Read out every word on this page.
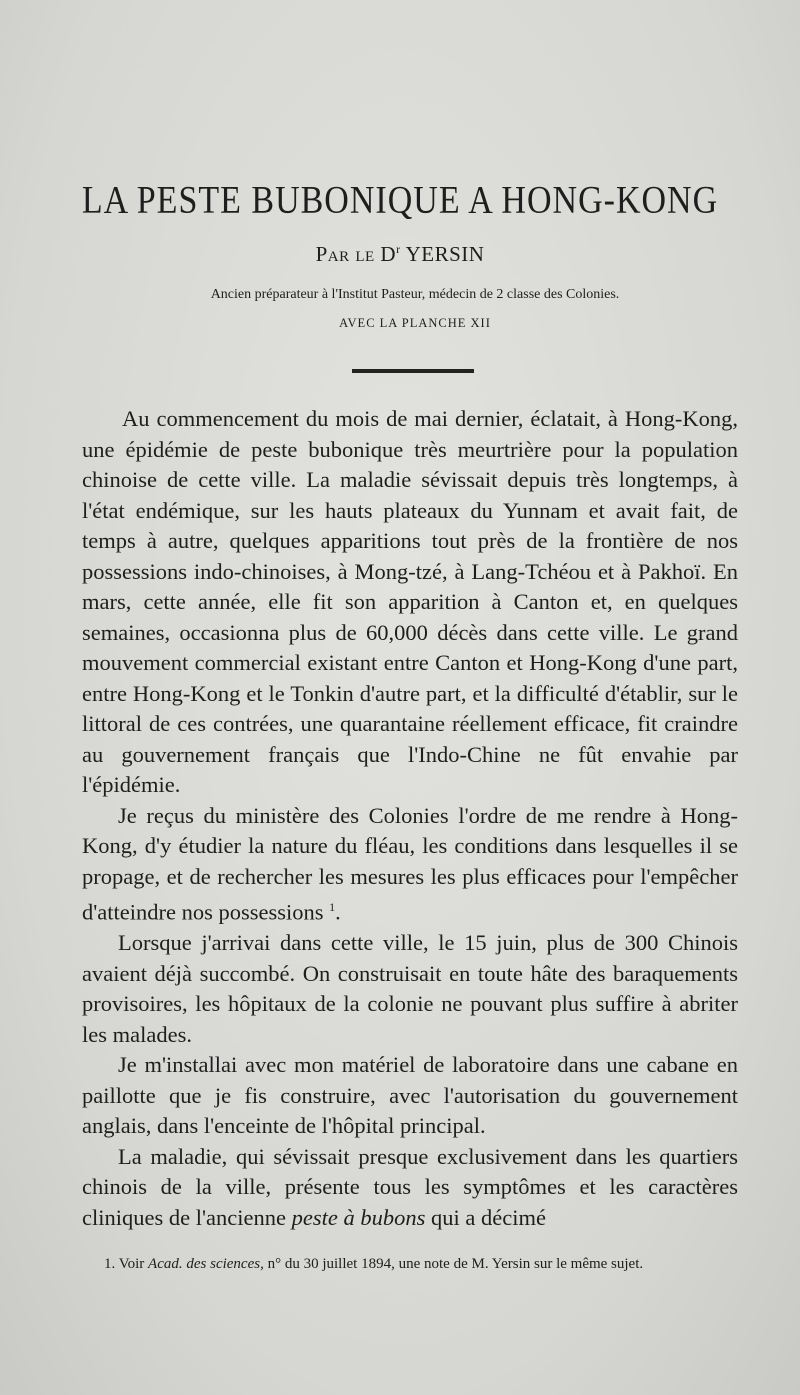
LA PESTE BUBONIQUE A HONG-KONG
Par le $D^r$ YERSIN
Ancien préparateur à l'Institut Pasteur, médecin de 2 classe des Colonies.
AVEC LA PLANCHE XII

Au commencement du mois de mai dernier, éclatait, à Hong-Kong, une épidémie de peste bubonique très meurtrière pour la population chinoise de cette ville. La maladie sévissait depuis très longtemps, à l'état endémique, sur les hauts plateaux du Yunnam et avait fait, de temps à autre, quelques apparitions tout près de la frontière de nos possessions indo-chinoises, à Mong-tzé, à Lang-Tchéou et à Pakhoï. En mars, cette année, elle fit son apparition à Canton et, en quelques semaines, occasionna plus de 60,000 décès dans cette ville. Le grand mouvement commercial existant entre Canton et Hong-Kong d'une part, entre Hong-Kong et le Tonkin d'autre part, et la difficulté d'établir, sur le littoral de ces contrées, une quarantaine réellement efficace, fit craindre au gouvernement français que l'Indo-Chine ne fût envahie par l'épidémie.

Je reçus du ministère des Colonies l'ordre de me rendre à Hong-Kong, d'y étudier la nature du fléau, les conditions dans lesquelles il se propage, et de rechercher les mesures les plus efficaces pour l'empêcher d'atteindre nos possessions $^1$.

Lorsque j'arrivai dans cette ville, le 15 juin, plus de 300 Chinois avaient déjà succombé. On construisait en toute hâte des baraquements provisoires, les hôpitaux de la colonie ne pouvant plus suffire à abriter les malades.

Je m'installai avec mon matériel de laboratoire dans une cabane en paillotte que je fis construire, avec l'autorisation du gouvernement anglais, dans l'enceinte de l'hôpital principal.

La maladie, qui sévissait presque exclusivement dans les quartiers chinois de la ville, présente tous les symptômes et les caractères cliniques de l'ancienne peste à bubons qui a décimé

1. Voir Acad. des sciences, n° du 30 juillet 1894, une note de M. Yersin sur le même sujet.
